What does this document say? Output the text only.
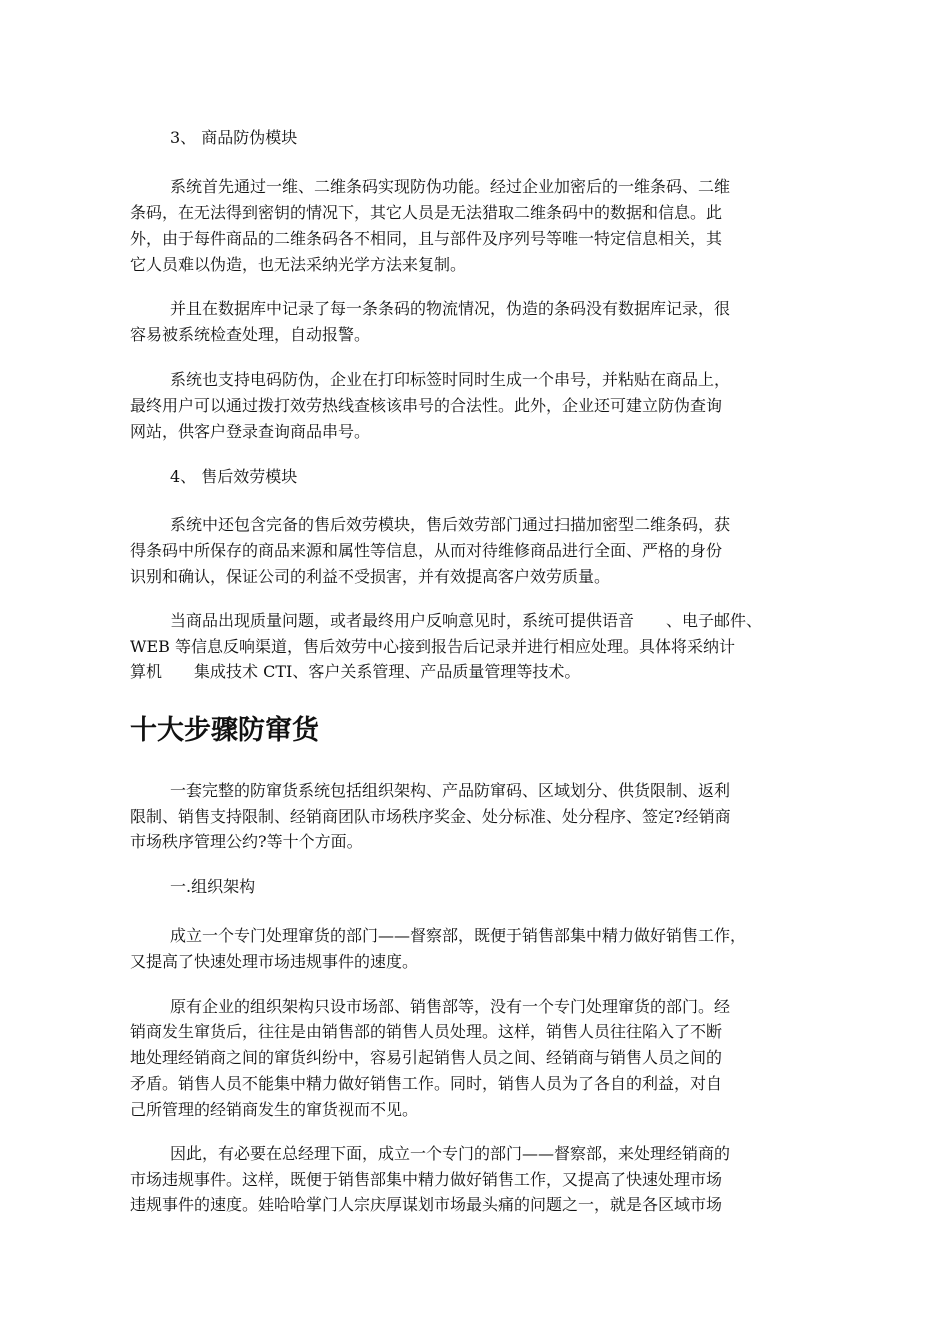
3、 商品防伪模块
系统首先通过一维、二维条码实现防伪功能。经过企业加密后的一维条码、二维
条码，在无法得到密钥的情况下，其它人员是无法猎取二维条码中的数据和信息。此
外，由于每件商品的二维条码各不相同，且与部件及序列号等唯一特定信息相关，其
它人员难以伪造，也无法采纳光学方法来复制。
并且在数据库中记录了每一条条码的物流情况，伪造的条码没有数据库记录，很
容易被系统检查处理，自动报警。
系统也支持电码防伪，企业在打印标签时同时生成一个串号，并粘贴在商品上，
最终用户可以通过拨打效劳热线查核该串号的合法性。此外，企业还可建立防伪查询
网站，供客户登录查询商品串号。
4、 售后效劳模块
系统中还包含完备的售后效劳模块，售后效劳部门通过扫描加密型二维条码，获
得条码中所保存的商品来源和属性等信息，从而对待维修商品进行全面、严格的身份
识别和确认，保证公司的利益不受损害，并有效提高客户效劳质量。
当商品出现质量问题，或者最终用户反响意见时，系统可提供语音　　、电子邮件、
WEB 等信息反响渠道，售后效劳中心接到报告后记录并进行相应处理。具体将采纳计
算机　　集成技术 CTI、客户关系管理、产品质量管理等技术。
十大步骤防窜货
一套完整的防窜货系统包括组织架构、产品防窜码、区域划分、供货限制、返利
限制、销售支持限制、经销商团队市场秩序奖金、处分标准、处分程序、签定?经销商
市场秩序管理公约?等十个方面。
一.组织架构
成立一个专门处理窜货的部门——督察部，既便于销售部集中精力做好销售工作，
又提高了快速处理市场违规事件的速度。
原有企业的组织架构只设市场部、销售部等，没有一个专门处理窜货的部门。经
销商发生窜货后，往往是由销售部的销售人员处理。这样，销售人员往往陷入了不断
地处理经销商之间的窜货纠纷中，容易引起销售人员之间、经销商与销售人员之间的
矛盾。销售人员不能集中精力做好销售工作。同时，销售人员为了各自的利益，对自
己所管理的经销商发生的窜货视而不见。
因此，有必要在总经理下面，成立一个专门的部门——督察部，来处理经销商的
市场违规事件。这样，既便于销售部集中精力做好销售工作，又提高了快速处理市场
违规事件的速度。娃哈哈掌门人宗庆厚谋划市场最头痛的问题之一，就是各区域市场
